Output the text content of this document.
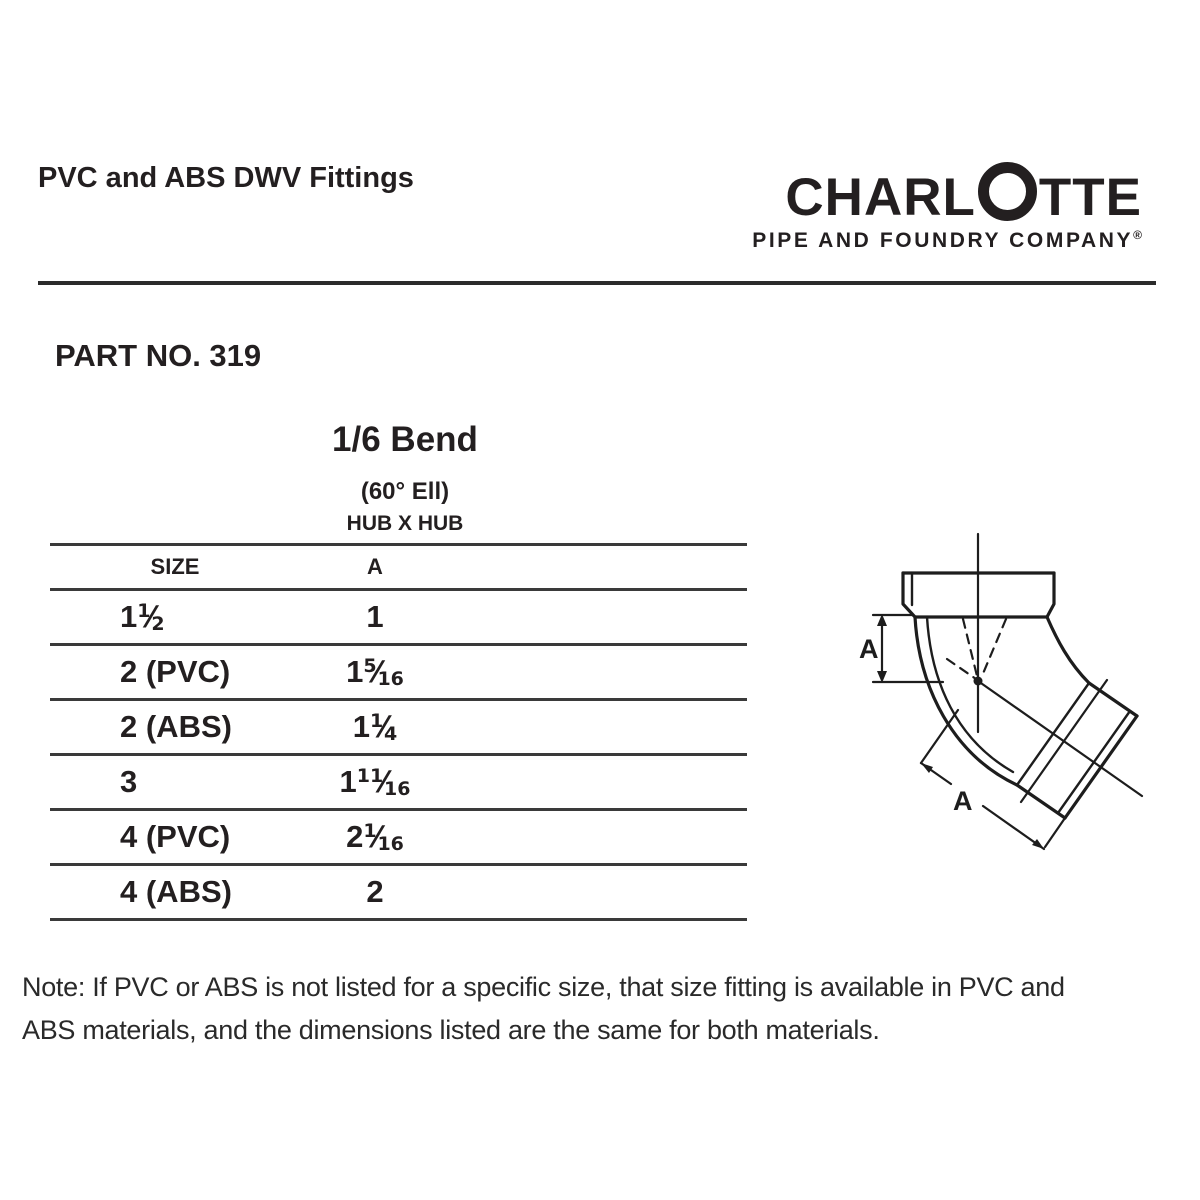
PVC and ABS DWV Fittings	CHARL TTE
PIPE AND FOUNDRY COMPANY®
PART NO. 319
1/6 Bend
(60° Ell)
HUB X HUB
SIZE	A
$1^1⁄_2$	1
2 (PVC)	$1^5⁄_{16}$
2 (ABS)	$1^1⁄_4$
3	$1^{11}⁄_{16}$
4 (PVC)	$2^1⁄_{16}$
4 (ABS)	2
A
A
Note: If PVC or ABS is not listed for a specific size, that size fitting is available in PVC and
ABS materials, and the dimensions listed are the same for both materials.
